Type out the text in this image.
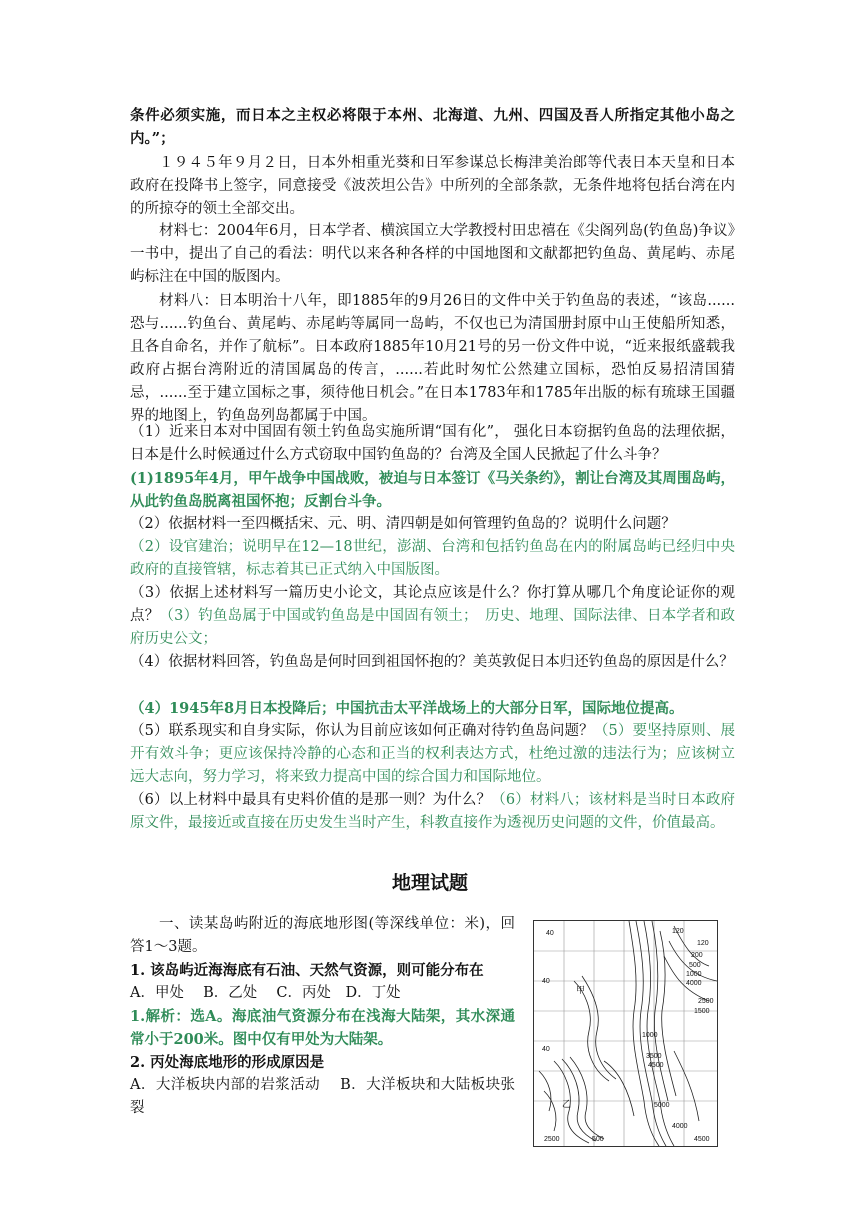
条件必须实施，而日本之主权必将限于本州、北海道、九州、四国及吾人所指定其他小岛之内。”；

１９４５年９月２日，日本外相重光葵和日军参谋总长梅津美治郎等代表日本天皇和日本政府在投降书上签字，同意接受《波茨坦公告》中所列的全部条款，无条件地将包括台湾在内的所掠夺的领土全部交出。

材料七：2004年6月，日本学者、横滨国立大学教授村田忠禧在《尖阁列岛(钓鱼岛)争议》一书中，提出了自己的看法：明代以来各种各样的中国地图和文献都把钓鱼岛、黄尾屿、赤尾屿标注在中国的版图内。

材料八：日本明治十八年，即1885年的9月26日的文件中关于钓鱼岛的表述，“该岛......恐与......钓鱼台、黄尾屿、赤尾屿等属同一岛屿，不仅也已为清国册封原中山王使船所知悉，且各自命名，并作了航标”。日本政府1885年10月21号的另一份文件中说，“近来报纸盛载我政府占据台湾附近的清国属岛的传言，......若此时匆忙公然建立国标，恐怕反易招清国猜忌，......至于建立国标之事，须待他日机会。”在日本1783年和1785年出版的标有琉球王国疆界的地图上，钓鱼岛列岛都属于中国。

（1）近来日本对中国固有领土钓鱼岛实施所谓“国有化”， 强化日本窃据钓鱼岛的法理依据，日本是什么时候通过什么方式窃取中国钓鱼岛的？台湾及全国人民掀起了什么斗争？

(1)1895年4月，甲午战争中国战败，被迫与日本签订《马关条约》，割让台湾及其周围岛屿，从此钓鱼岛脱离祖国怀抱；反割台斗争。

（2）依据材料一至四概括宋、元、明、清四朝是如何管理钓鱼岛的？说明什么问题？

（2）设官建治；说明早在12—18世纪，澎湖、台湾和包括钓鱼岛在内的附属岛屿已经归中央政府的直接管辖，标志着其已正式纳入中国版图。

（3）依据上述材料写一篇历史小论文，其论点应该是什么？你打算从哪几个角度论证你的观点？（3）钓鱼岛属于中国或钓鱼岛是中国固有领土；　历史、地理、国际法律、日本学者和政府历史公文；

（4）依据材料回答，钓鱼岛是何时回到祖国怀抱的？美英敦促日本归还钓鱼岛的原因是什么？

（4）1945年8月日本投降后；中国抗击太平洋战场上的大部分日军，国际地位提高。

（5）联系现实和自身实际，你认为目前应该如何正确对待钓鱼岛问题？（5）要坚持原则、展开有效斗争；更应该保持冷静的心态和正当的权利表达方式，杜绝过激的违法行为；应该树立远大志向，努力学习，将来致力提高中国的综合国力和国际地位。

（6）以上材料中最具有史料价值的是那一则？为什么？（6）材料八；该材料是当时日本政府原文件，最接近或直接在历史发生当时产生，科教直接作为透视历史问题的文件，价值最高。

地理试题

一、读某岛屿附近的海底地形图(等深线单位：米)，回答1～3题。

1. 该岛屿近海海底有石油、天然气资源，则可能分布在

A．甲处　 B．乙处　 C．丙处　D．丁处

1.解析：选A。海底油气资源分布在浅海大陆架，其水深通常小于200米。图中仅有甲处为大陆架。

2. 丙处海底地形的形成原因是

A．大洋板块内部的岩浆活动　 B．大洋板块和大陆板块张裂

40	120
120
200
500
1000
4000
40
甲
2500
1500
1000
3500
4500
5000
40
4000
乙
2500	500	4500
